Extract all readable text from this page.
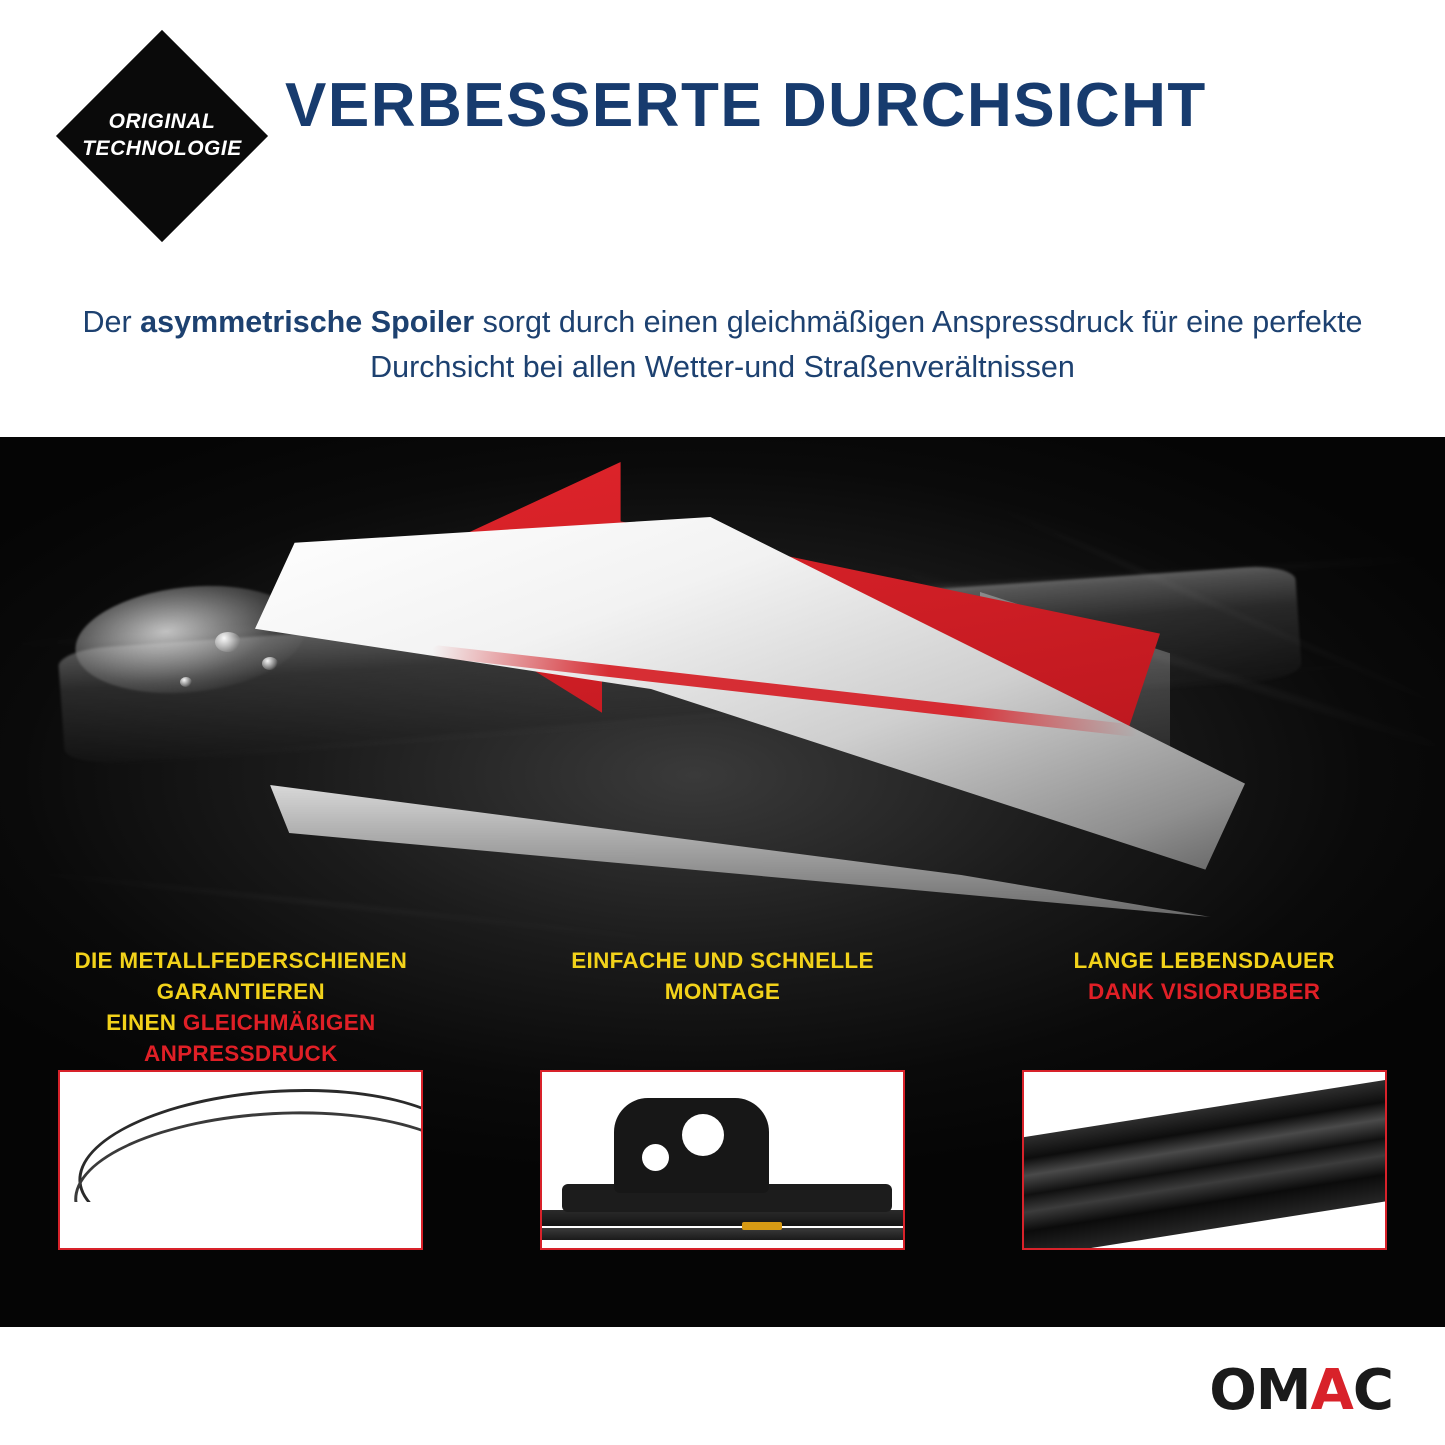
ORIGINAL
TECHNOLOGIE
VERBESSERTE DURCHSICHT
Der asymmetrische Spoiler sorgt durch einen gleichmäßigen Anspressdruck für eine perfekte Durchsicht bei allen Wetter-und Straßenverältnissen
DIE METALLFEDERSCHIENEN GARANTIEREN
EINEN GLEICHMÄßIGEN ANPRESSDRUCK
EINFACHE UND SCHNELLE
MONTAGE
LANGE LEBENSDAUER
DANK VISIORUBBER
OMAC
